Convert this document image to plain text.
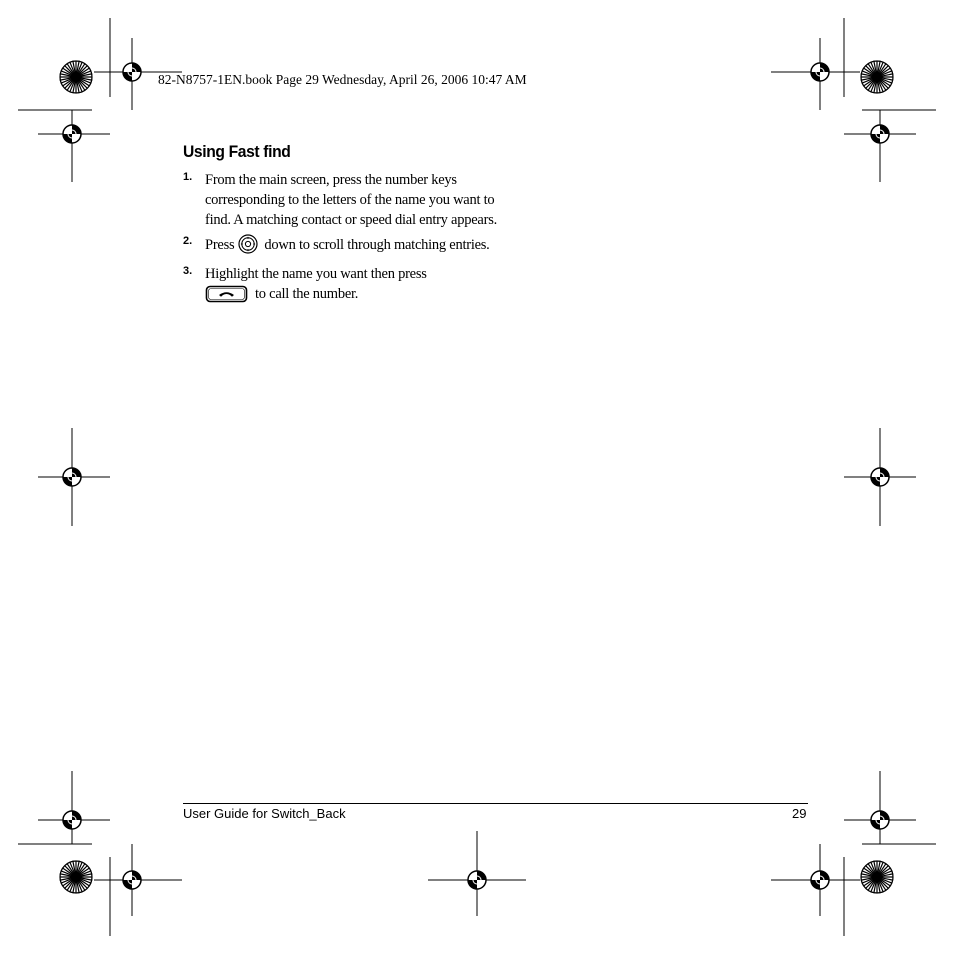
82-N8757-1EN.book Page 29 Wednesday, April 26, 2006 10:47 AM
Using Fast find
1. From the main screen, press the number keys corresponding to the letters of the name you want to find. A matching contact or speed dial entry appears.
2. Press down to scroll through matching entries.
3. Highlight the name you want then press
to call the number.
User Guide for Switch_Back	29
